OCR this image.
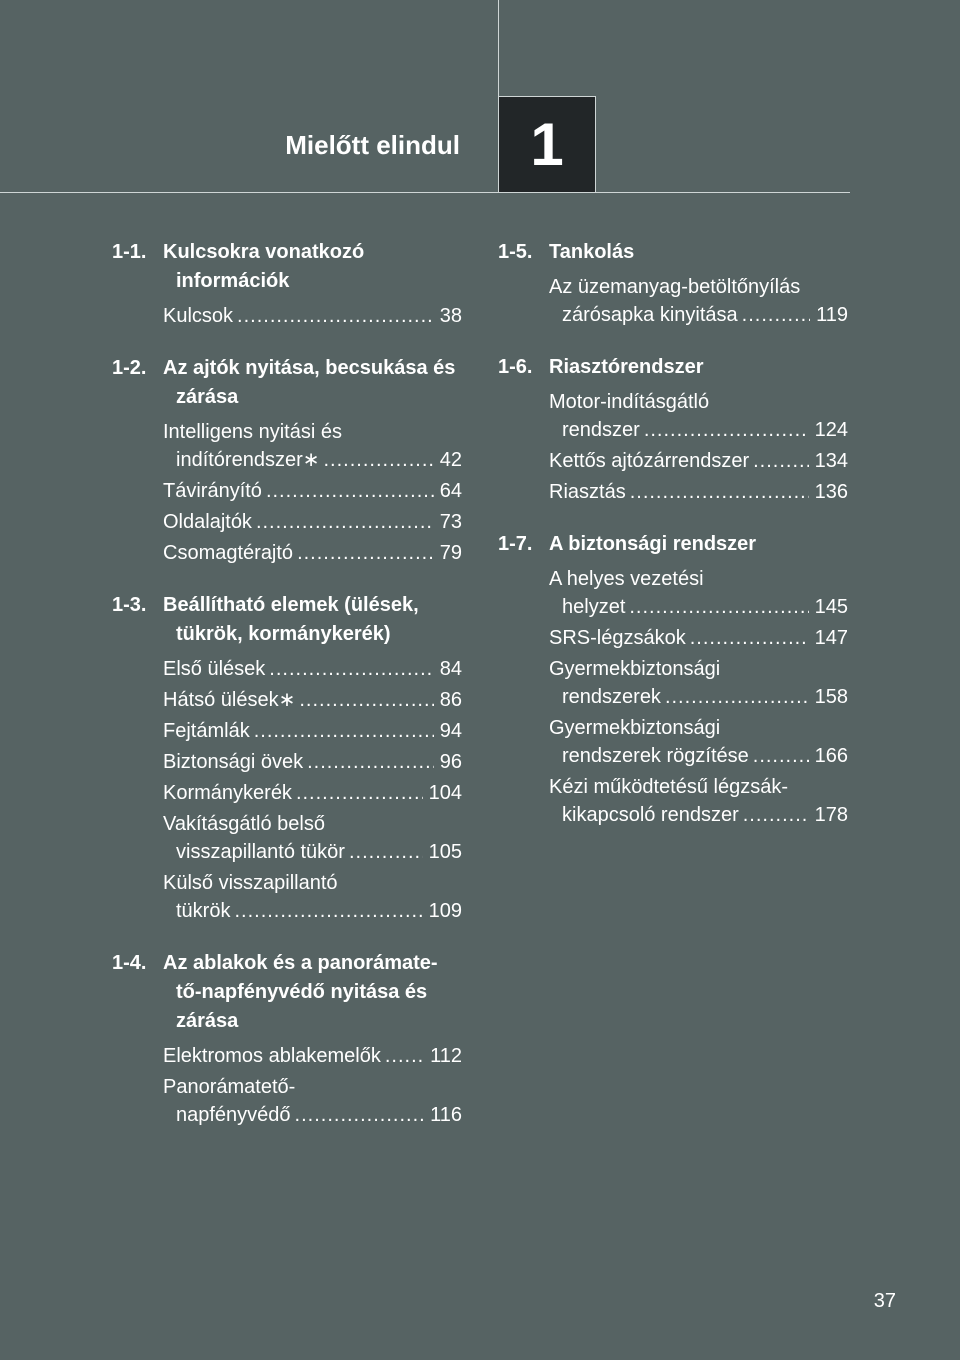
Mielőtt elindul	1
1-1. Kulcsokra vonatkozó információk
Kulcsok .....	38
1-2. Az ajtók nyitása, becsukása és zárása
Intelligens nyitási és
indítórendszer∗ .....	42
Távirányító .....	64
Oldalajtók .....	73
Csomagtérajtó .....	79
1-3. Beállítható elemek (ülések, tükrök, kormánykerék)
Első ülések .....	84
Hátsó ülések∗ .....	86
Fejtámlák .....	94
Biztonsági övek .....	96
Kormánykerék .....	104
Vakításgátló belső
visszapillantó tükör .....	105
Külső visszapillantó
tükrök .....	109
1-4. Az ablakok és a panorámate-tő-napfényvédő nyitása és zárása
Elektromos ablakemelők ..... 112
Panorámatető-
napfényvédő .....	116
1-5. Tankolás
Az üzemanyag-betöltőnyílás
zárósapka kinyitása .....	119
1-6. Riasztórendszer
Motor-indításgátló
rendszer .....	124
Kettős ajtózárrendszer .....	134
Riasztás .....	136
1-7. A biztonsági rendszer
A helyes vezetési
helyzet .....	145
SRS-légzsákok .....	147
Gyermekbiztonsági
rendszerek .....	158
Gyermekbiztonsági
rendszerek rögzítése .....	166
Kézi működtetésű légzsák-
kikapcsoló rendszer .....	178
37
